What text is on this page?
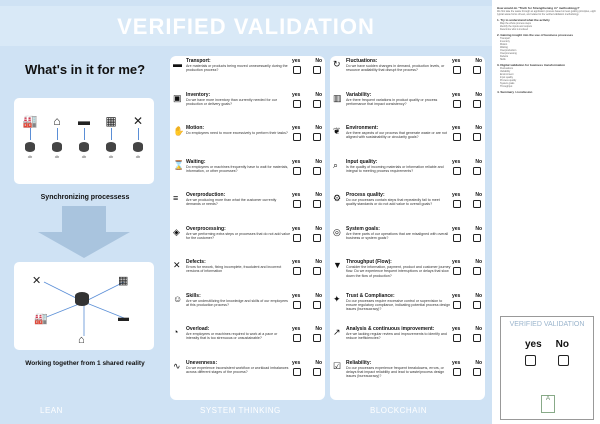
VERIFIED VALIDATION
What's in it for me?
🏭	⌂	▬	▦	✕
db	db	db	db	db
Synchronizing processess
✕	▦
🏭	▬
⌂
Working together from 1 shared reality
LEAN	SYSTEM THINKING	BLOCKCHAIN
▬ Transport:
Are materials or products being moved unnecessarily during the production process?
yes	No
▣ Inventory:
Do we have more inventory than currently needed for our production or delivery goals?
yes	No
✋ Motion:
Do employees need to move excessively to perform their tasks?
yes	No
⌛ Waiting:
Do employees or machines frequently have to wait for materials, information, or other processes?
yes	No
≡ Overproduction:
Are we producing more than what the customer currently demands or needs?
yes	No
◈ Overprocessing:
Are we performing extra steps or processes that do not add value for the customer?
yes	No
✕ Defects:
Errors for rework, fixing incomplete, fraudulent and incorrect versions of information
yes	No
☺ Skills:
Are we underutilizing the knowledge and skills of our employees at this production process?
yes	No
◔ Overload:
Are employees or machines required to work at a pace or intensity that is too strenuous or unsustainable?
yes	No
∿ Unevenness:
Do we experience inconsistent workflow or workload imbalances across different stages of the process?
yes	No
↻ Fluctuations:
Do we have sudden changes in demand, production levels, or resource availability that disrupt the process?
yes	No
▥ Variability:
Are there frequent variations in product quality or process performance that impact consistency?
yes	No
❦ Environment:
Are there aspects of our process that generate waste or are not aligned with sustainability or circularity goals?
yes	No
⌕ Input quality:
Is the quality of incoming materials or information reliable and integral to meeting process requirements?
yes	No
⚙ Process quality:
Do our processes contain steps that repeatedly fail to meet quality standards or do not add value to overall goals?
yes	No
◎ System goals:
Are there parts of our operations that are misaligned with overall business or system goals?
yes	No
▼ Throughput (Flow):
Consider the information, payment, product and customer journey flow. Do we experience frequent interruptions or delays that slow down the flow of production?
yes	No
✦ Trust & Compliance:
Do our processes require excessive control or supervision to ensure regulatory compliance, indicating potential process design issues (bureaucracy)?
yes	No
↗ Analysis & continuous improvement:
Are we lacking regular review and improvements to identify and reduce inefficiencies?
yes	No
☑ Reliability:
Do our processes experience frequent breakdowns, errors, or delays that impact reliability and lead to waste/process design issues (bureaucracy)?
yes	No
How would do "Truth for Strengthening in" methodology?
We first take the waste through an application process based on lean guiding principles, eight typical waste forms of lean, and related to the verified validation methodology.
1. Try to understand what the activity
Map the whole process steps
Identify the inputs and outputs
Determine who is involved
2. Gaining insight into the use of business processes
Transport
Inventory
Motion
Waiting
Overproduction
Overprocessing
Defects
Skills
3. Digital validation for business transformation
Fluctuations
Variability
Environment
Input quality
Process quality
System goals
Throughput
4. Summary / conclusion
VERIFIED VALIDATION
yes No
A
